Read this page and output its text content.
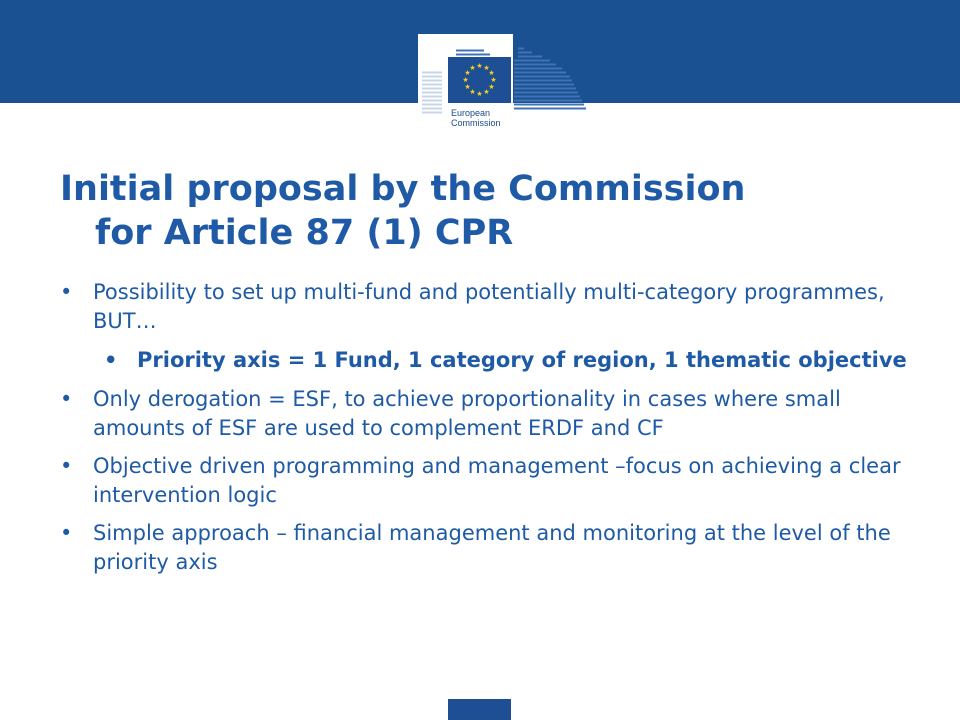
★ ★
★
★
★
★
★
★
★
★
★
★
European
Commission
Initial proposal by the Commission
for Article 87 (1) CPR

• Possibility to set up multi-fund and potentially multi-category programmes, BUT…

• Priority axis = 1 Fund, 1 category of region, 1 thematic objective

• Only derogation = ESF, to achieve proportionality in cases where small amounts of ESF are used to complement ERDF and CF

• Objective driven programming and management –focus on achieving a clear intervention logic

• Simple approach – financial management and monitoring at the level of the priority axis
